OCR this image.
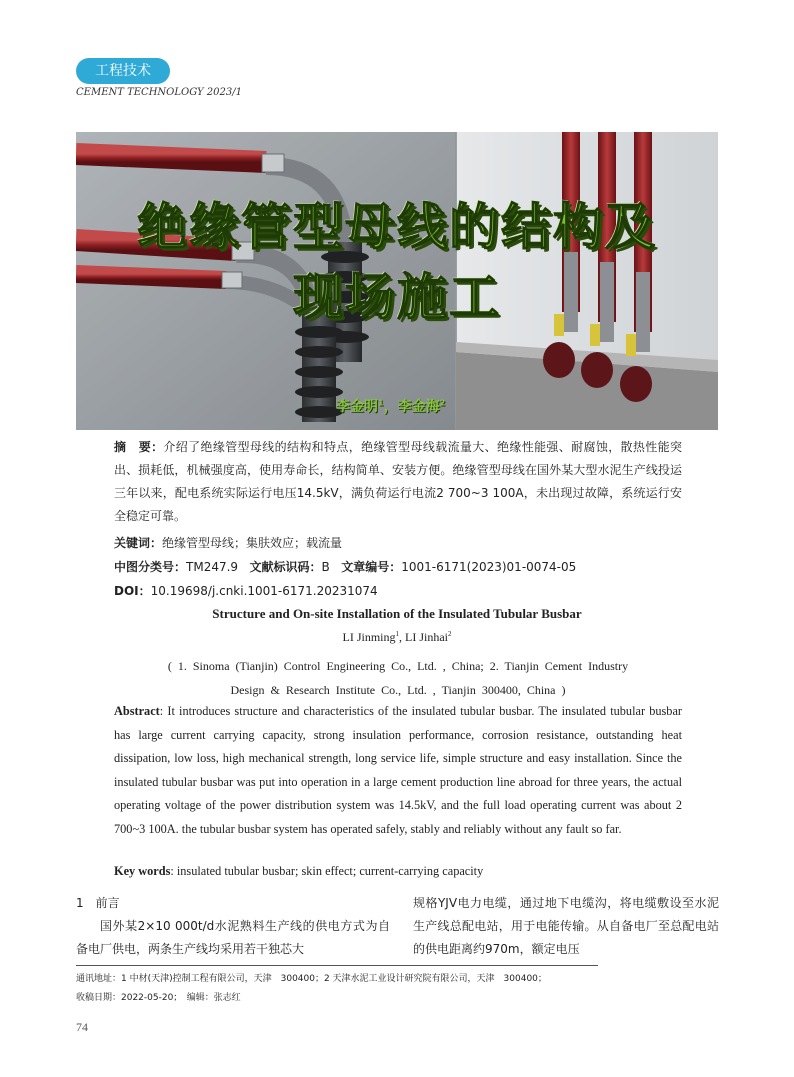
工程技术
CEMENT TECHNOLOGY 2023/1
绝缘管型母线的结构及
现场施工
李金明$^1$，李金海$^2$
摘　要：介绍了绝缘管型母线的结构和特点，绝缘管型母线载流量大、绝缘性能强、耐腐蚀，散热性能突出、损耗低，机械强度高，使用寿命长，结构简单、安装方便。绝缘管型母线在国外某大型水泥生产线投运三年以来，配电系统实际运行电压14.5kV，满负荷运行电流2 700~3 100A，未出现过故障，系统运行安全稳定可靠。
关键词：绝缘管型母线；集肤效应；载流量
中图分类号：TM247.9 文献标识码：B 文章编号：1001-6171(2023)01-0074-05
DOI：10.19698/j.cnki.1001-6171.20231074
Structure and On-site Installation of the Insulated Tubular Busbar
LI Jinming$^1$, LI Jinhai$^2$
( 1. Sinoma (Tianjin) Control Engineering Co., Ltd. , China; 2. Tianjin Cement Industry
Design & Research Institute Co., Ltd. , Tianjin 300400, China )
Abstract: It introduces structure and characteristics of the insulated tubular busbar. The insulated tubular busbar has large current carrying capacity, strong insulation performance, corrosion resistance, outstanding heat dissipation, low loss, high mechanical strength, long service life, simple structure and easy installation. Since the insulated tubular busbar was put into operation in a large cement production line abroad for three years, the actual operating voltage of the power distribution system was 14.5kV, and the full load operating current was about 2 700~3 100A. the tubular busbar system has operated safely, stably and reliably without any fault so far.
Key words: insulated tubular busbar; skin effect; current-carrying capacity

1　前言

国外某2×10 000t/d水泥熟料生产线的供电方式为自备电厂供电，两条生产线均采用若干独芯大

规格YJV电力电缆，通过地下电缆沟，将电缆敷设至水泥生产线总配电站，用于电能传输。从自备电厂至总配电站的供电距离约970m，额定电压
通讯地址：1 中材(天津)控制工程有限公司，天津　300400；2 天津水泥工业设计研究院有限公司，天津　300400；
收稿日期：2022-05-20；　编辑：张志红
74
